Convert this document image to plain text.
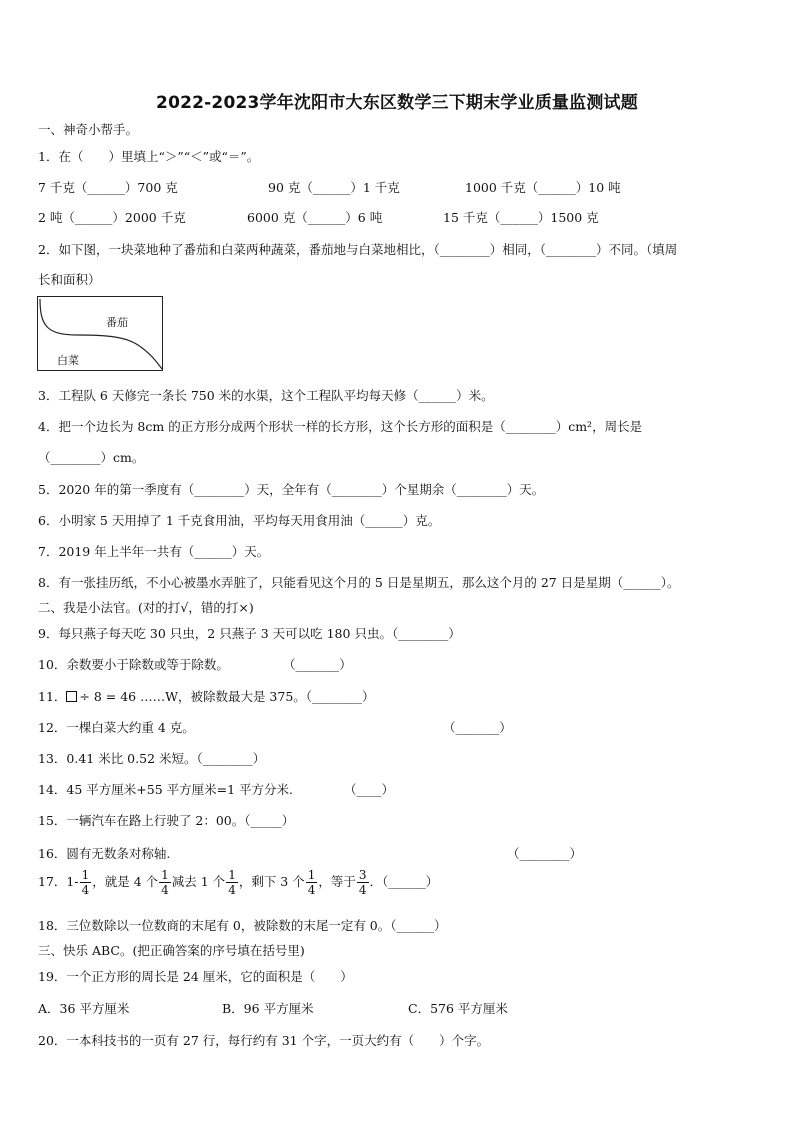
2022-2023学年沈阳市大东区数学三下期末学业质量监测试题
一、神奇小帮手。
1．在（　　）里填上“＞”“＜”或“＝”。
7 千克（______）700 克	90 克（______）1 千克	1000 千克（______）10 吨
2 吨（______）2000 千克	6000 克（______）6 吨	15 千克（______）1500 克
2．如下图，一块菜地种了番茄和白菜两种蔬菜，番茄地与白菜地相比，（________）相同，（________）不同。（填周
长和面积）
番茄
白菜
3．工程队 6 天修完一条长 750 米的水渠，这个工程队平均每天修（______）米。
4．把一个边长为 8cm 的正方形分成两个形状一样的长方形，这个长方形的面积是（________）cm²，周长是
（________）cm。
5．2020 年的第一季度有（________）天，全年有（________）个星期余（________）天。
6．小明家 5 天用掉了 1 千克食用油，平均每天用食用油（______）克。
7．2019 年上半年一共有（______）天。
8．有一张挂历纸，不小心被墨水弄脏了，只能看见这个月的 5 日是星期五，那么这个月的 27 日是星期（______）。
二、我是小法官。(对的打√，错的打×)
9．每只燕子每天吃 30 只虫，2 只燕子 3 天可以吃 180 只虫。（________）
10．余数要小于除数或等于除数。	（_______）
11． ÷ 8 = 46 ……W，被除数最大是 375。（________）
12．一棵白菜大约重 4 克。	（_______）
13．0.41 米比 0.52 米短。（________）
14．45 平方厘米+55 平方厘米=1 平方分米.	（____）
15．一辆汽车在路上行驶了 2：00。（_____）
16．圆有无数条对称轴.	（________）
17．$1- \frac{1}{4}$ ，就是 4 个 $\frac{1}{4}$ 减去 1 个 $\frac{1}{4}$ ，剩下 3 个 $\frac{1}{4}$ ，等于 $\frac{3}{4}$ ．（______）
18．三位数除以一位数商的末尾有 0，被除数的末尾一定有 0。（______）
三、快乐 ABC。(把正确答案的序号填在括号里)
19．一个正方形的周长是 24 厘米，它的面积是（　　）
A．36 平方厘米	B．96 平方厘米	C．576 平方厘米
20．一本科技书的一页有 27 行，每行约有 31 个字，一页大约有（　　）个字。
